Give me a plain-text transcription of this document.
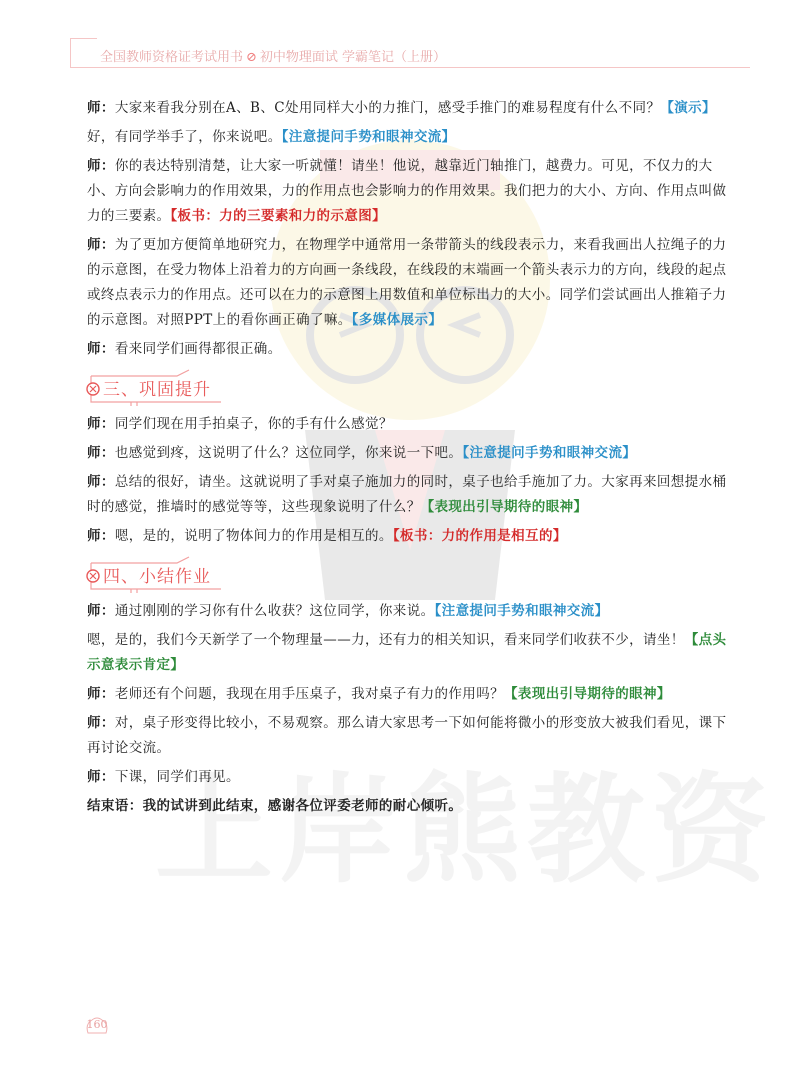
全国教师资格证考试用书 ⊘ 初中物理面试 学霸笔记（上册）

师：大家来看我分别在A、B、C处用同样大小的力推门，感受手推门的难易程度有什么不同？【演示】

好，有同学举手了，你来说吧。【注意提问手势和眼神交流】

师：你的表达特别清楚，让大家一听就懂！请坐！他说，越靠近门轴推门，越费力。可见，不仅力的大小、方向会影响力的作用效果，力的作用点也会影响力的作用效果。我们把力的大小、方向、作用点叫做力的三要素。【板书：力的三要素和力的示意图】

师：为了更加方便简单地研究力，在物理学中通常用一条带箭头的线段表示力，来看我画出人拉绳子的力的示意图，在受力物体上沿着力的方向画一条线段，在线段的末端画一个箭头表示力的方向，线段的起点或终点表示力的作用点。还可以在力的示意图上用数值和单位标出力的大小。同学们尝试画出人推箱子力的示意图。对照PPT上的看你画正确了嘛。【多媒体展示】

师：看来同学们画得都很正确。

三、巩固提升

师：同学们现在用手拍桌子，你的手有什么感觉？

师：也感觉到疼，这说明了什么？这位同学，你来说一下吧。【注意提问手势和眼神交流】

师：总结的很好，请坐。这就说明了手对桌子施加力的同时，桌子也给手施加了力。大家再来回想提水桶时的感觉，推墙时的感觉等等，这些现象说明了什么？【表现出引导期待的眼神】

师：嗯，是的，说明了物体间力的作用是相互的。【板书：力的作用是相互的】

四、小结作业

师：通过刚刚的学习你有什么收获？这位同学，你来说。【注意提问手势和眼神交流】

嗯，是的，我们今天新学了一个物理量——力，还有力的相关知识，看来同学们收获不少，请坐！【点头示意表示肯定】

师：老师还有个问题，我现在用手压桌子，我对桌子有力的作用吗？【表现出引导期待的眼神】

师：对，桌子形变得比较小，不易观察。那么请大家思考一下如何能将微小的形变放大被我们看见，课下再讨论交流。

师：下课，同学们再见。

结束语：我的试讲到此结束，感谢各位评委老师的耐心倾听。

160
